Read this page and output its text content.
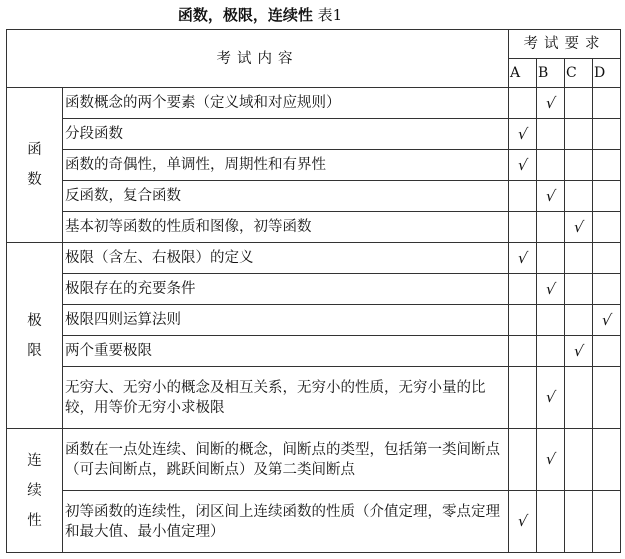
函数，极限，连续性 表1
考试内容		考试要求			
		A	B	C	D

函
数	函数概念的两个要素（定义域和对应规则）		√		
	分段函数	√			
	函数的奇偶性，单调性，周期性和有界性	√			
	反函数，复合函数		√		
	基本初等函数的性质和图像，初等函数			√	

极
限	极限（含左、右极限）的定义	√			
	极限存在的充要条件		√		
	极限四则运算法则				√
	两个重要极限			√	
	无穷大、无穷小的概念及相互关系，无穷小的性质，无穷小量的比较，用等价无穷小求极限		√		

连
续
性	函数在一点处连续、间断的概念，间断点的类型，包括第一类间断点（可去间断点，跳跃间断点）及第二类间断点		√		
	初等函数的连续性，闭区间上连续函数的性质（介值定理，零点定理和最大值、最小值定理）	√			
